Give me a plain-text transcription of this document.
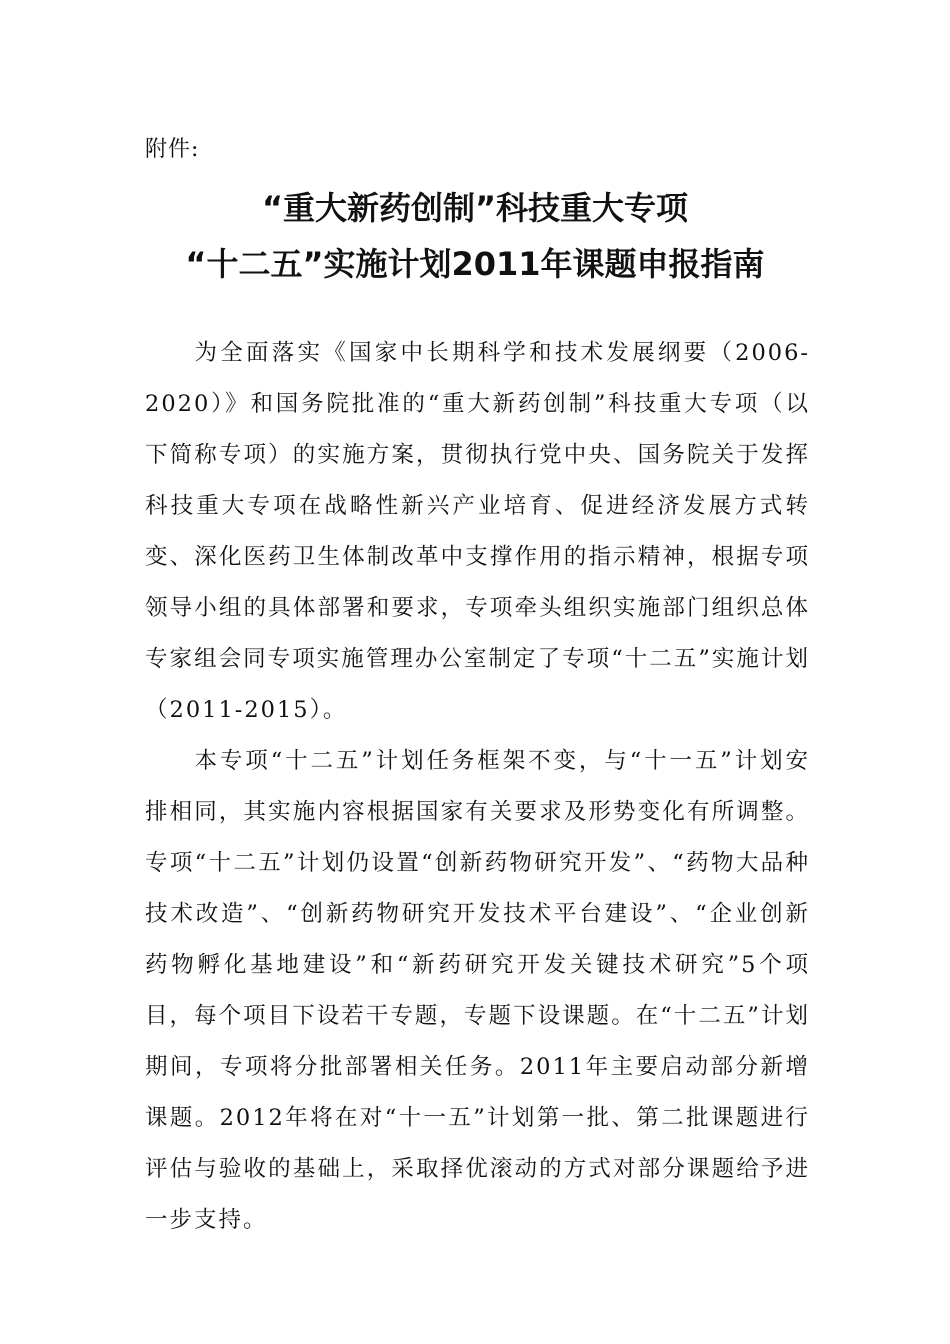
附件:
“重大新药创制”科技重大专项
“十二五”实施计划2011年课题申报指南

为全面落实《国家中长期科学和技术发展纲要（2006-2020）》和国务院批准的“重大新药创制”科技重大专项（以下简称专项）的实施方案，贯彻执行党中央、国务院关于发挥科技重大专项在战略性新兴产业培育、促进经济发展方式转变、深化医药卫生体制改革中支撑作用的指示精神，根据专项领导小组的具体部署和要求，专项牵头组织实施部门组织总体专家组会同专项实施管理办公室制定了专项“十二五”实施计划（2011-2015）。

本专项“十二五”计划任务框架不变，与“十一五”计划安排相同，其实施内容根据国家有关要求及形势变化有所调整。专项“十二五”计划仍设置“创新药物研究开发”、“药物大品种技术改造”、“创新药物研究开发技术平台建设”、“企业创新药物孵化基地建设”和“新药研究开发关键技术研究”5个项目，每个项目下设若干专题，专题下设课题。在“十二五”计划期间，专项将分批部署相关任务。2011年主要启动部分新增课题。2012年将在对“十一五”计划第一批、第二批课题进行评估与验收的基础上，采取择优滚动的方式对部分课题给予进一步支持。
